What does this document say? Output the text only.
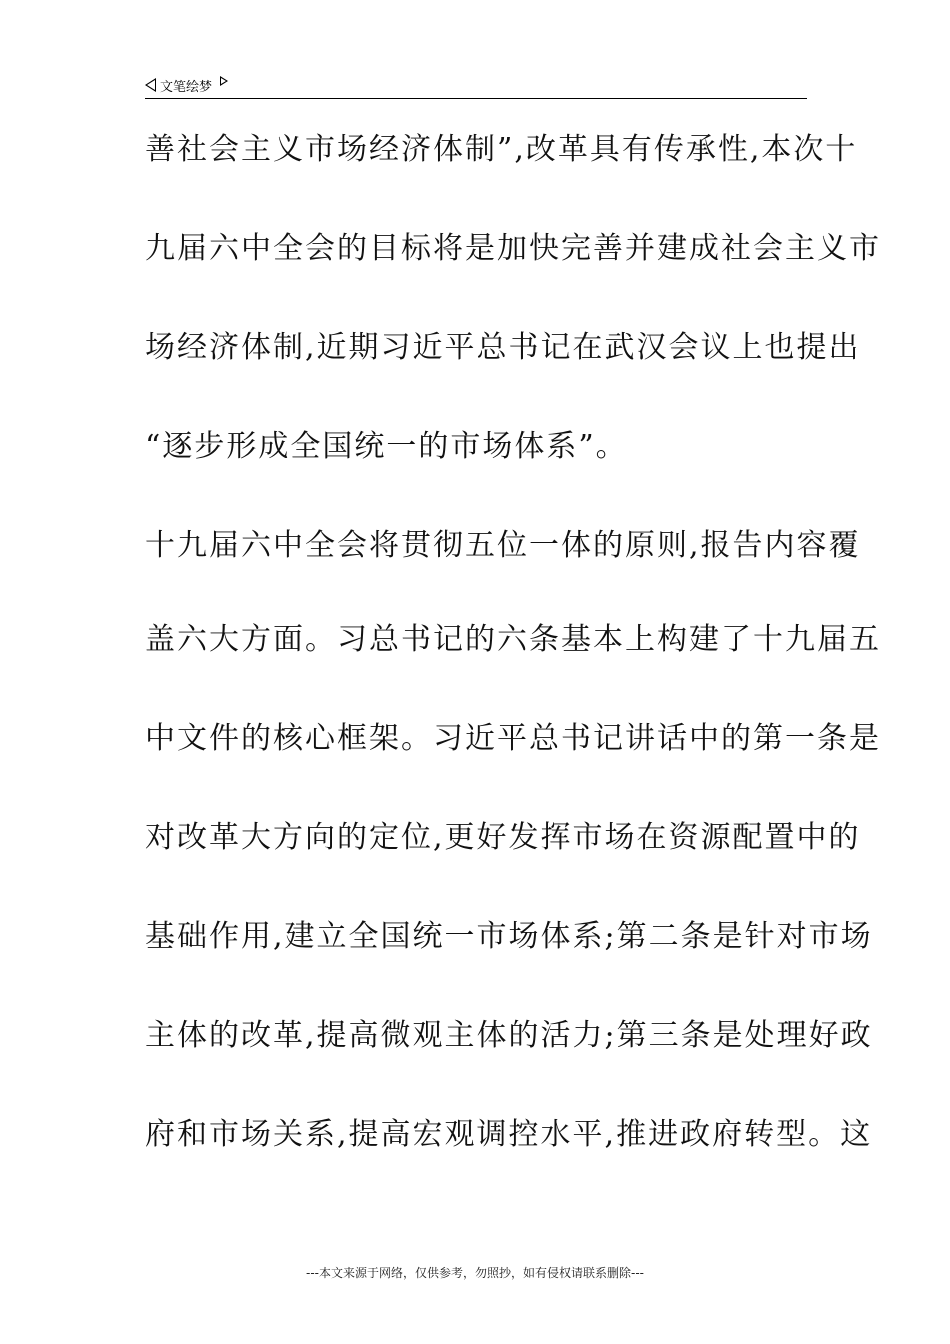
文笔绘梦
善社会主义市场经济体制”,改革具有传承性,本次十
九届六中全会的目标将是加快完善并建成社会主义市
场经济体制,近期习近平总书记在武汉会议上也提出
“逐步形成全国统一的市场体系”。
十九届六中全会将贯彻五位一体的原则,报告内容覆
盖六大方面。习总书记的六条基本上构建了十九届五
中文件的核心框架。习近平总书记讲话中的第一条是
对改革大方向的定位,更好发挥市场在资源配置中的
基础作用,建立全国统一市场体系;第二条是针对市场
主体的改革,提高微观主体的活力;第三条是处理好政
府和市场关系,提高宏观调控水平,推进政府转型。这
---本文来源于网络，仅供参考，勿照抄，如有侵权请联系删除---
